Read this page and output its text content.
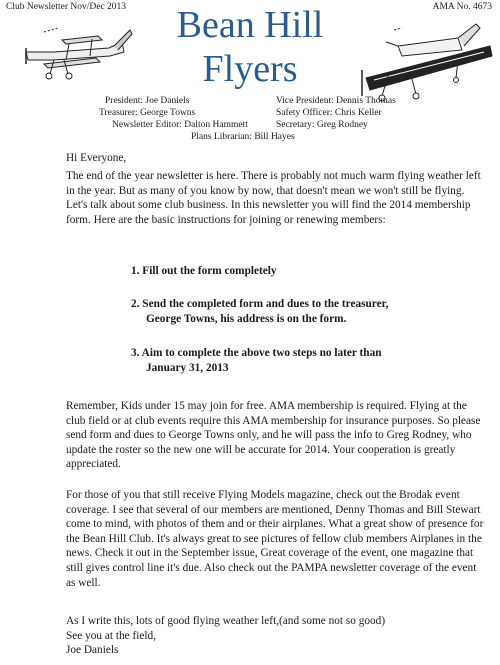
Club Newsletter Nov/Dec 2013	AMA No. 4673
Bean Hill
Flyers
President: Joe Daniels	Vice President: Dennis Thomas
Treasurer: George Towns	Safety Officer: Chris Keller
Newsletter Editor: Dalton Hammett	Secretary: Greg Rodney
Plans Librarian: Bill Hayes
Hi Everyone,
The end of the year newsletter is here. There is probably not much warm flying weather left in the year. But as many of you know by now, that doesn't mean we won't still be flying. Let's talk about some club business. In this newsletter you will find the 2014 membership form. Here are the basic instructions for joining or renewing members:
1. Fill out the form completely
2. Send the completed form and dues to the treasurer,
George Towns, his address is on the form.
3. Aim to complete the above two steps no later than
January 31, 2013
Remember, Kids under 15 may join for free. AMA membership is required. Flying at the club field or at club events require this AMA membership for insurance purposes. So please send form and dues to George Towns only, and he will pass the info to Greg Rodney, who update the roster so the new one will be accurate for 2014. Your cooperation is greatly appreciated.
For those of you that still receive Flying Models magazine, check out the Brodak event coverage. I see that several of our members are mentioned, Denny Thomas and Bill Stewart come to mind, with photos of them and or their airplanes. What a great show of presence for the Bean Hill Club. It's always great to see pictures of fellow club members Airplanes in the news. Check it out in the September issue, Great coverage of the event, one magazine that still gives control line it's due. Also check out the PAMPA newsletter coverage of the event as well.
As I write this, lots of good flying weather left,(and some not so good)
See you at the field,
Joe Daniels
